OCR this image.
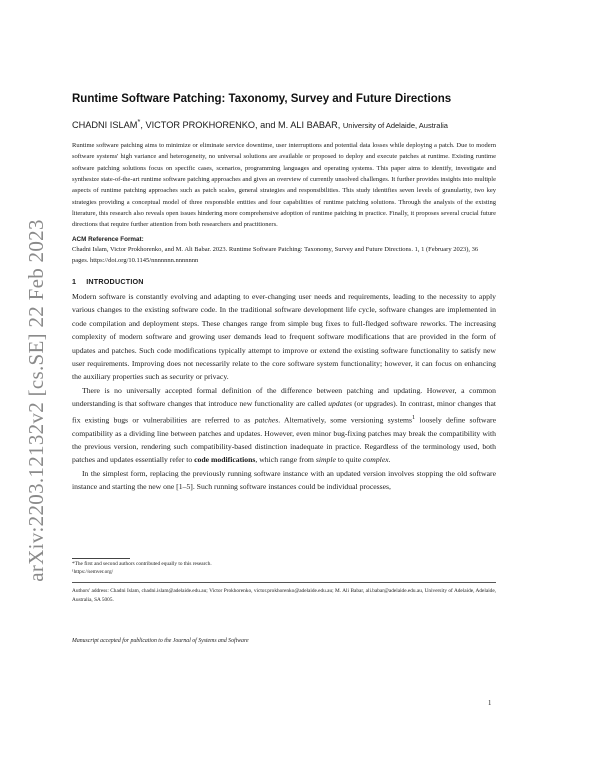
arXiv:2203.12132v2 [cs.SE] 22 Feb 2023
Runtime Software Patching: Taxonomy, Survey and Future Directions

CHADNI ISLAM*, VICTOR PROKHORENKO, and M. ALI BABAR, University of Adelaide, Australia

Runtime software patching aims to minimize or eliminate service downtime, user interruptions and potential data losses while deploying a patch. Due to modern software systems' high variance and heterogeneity, no universal solutions are available or proposed to deploy and execute patches at runtime. Existing runtime software patching solutions focus on specific cases, scenarios, programming languages and operating systems. This paper aims to identify, investigate and synthesize state-of-the-art runtime software patching approaches and gives an overview of currently unsolved challenges. It further provides insights into multiple aspects of runtime patching approaches such as patch scales, general strategies and responsibilities. This study identifies seven levels of granularity, two key strategies providing a conceptual model of three responsible entities and four capabilities of runtime patching solutions. Through the analysis of the existing literature, this research also reveals open issues hindering more comprehensive adoption of runtime patching in practice. Finally, it proposes several crucial future directions that require further attention from both researchers and practitioners.

ACM Reference Format:

Chadni Islam, Victor Prokhorenko, and M. Ali Babar. 2023. Runtime Software Patching: Taxonomy, Survey and Future Directions. 1, 1 (February 2023), 36 pages. https://doi.org/10.1145/nnnnnnn.nnnnnnn

1 INTRODUCTION

Modern software is constantly evolving and adapting to ever-changing user needs and requirements, leading to the necessity to apply various changes to the existing software code. In the traditional software development life cycle, software changes are implemented in code compilation and deployment steps. These changes range from simple bug fixes to full-fledged software reworks. The increasing complexity of modern software and growing user demands lead to frequent software modifications that are provided in the form of updates and patches. Such code modifications typically attempt to improve or extend the existing software functionality to satisfy new user requirements. Improving does not necessarily relate to the core software system functionality; however, it can focus on enhancing the auxiliary properties such as security or privacy.

There is no universally accepted formal definition of the difference between patching and updating. However, a common understanding is that software changes that introduce new functionality are called updates (or upgrades). In contrast, minor changes that fix existing bugs or vulnerabilities are referred to as patches. Alternatively, some versioning systems$^1$ loosely define software compatibility as a dividing line between patches and updates. However, even minor bug-fixing patches may break the compatibility with the previous version, rendering such compatibility-based distinction inadequate in practice. Regardless of the terminology used, both patches and updates essentially refer to code modifications, which range from simple to quite complex.

In the simplest form, replacing the previously running software instance with an updated version involves stopping the old software instance and starting the new one [1–5]. Such running software instances could be individual processes,

*The first and second authors contributed equally to this research.

¹https://semver.org/

Authors' address: Chadni Islam, chadni.islam@adelaide.edu.au; Victor Prokhorenko, victor.prokhorenko@adelaide.edu.au; M. Ali Babar, ali.babar@adelaide.edu.au, University of Adelaide, Adelaide, Australia, SA 5005.

Manuscript accepted for publication to the Journal of Systems and Software
1
